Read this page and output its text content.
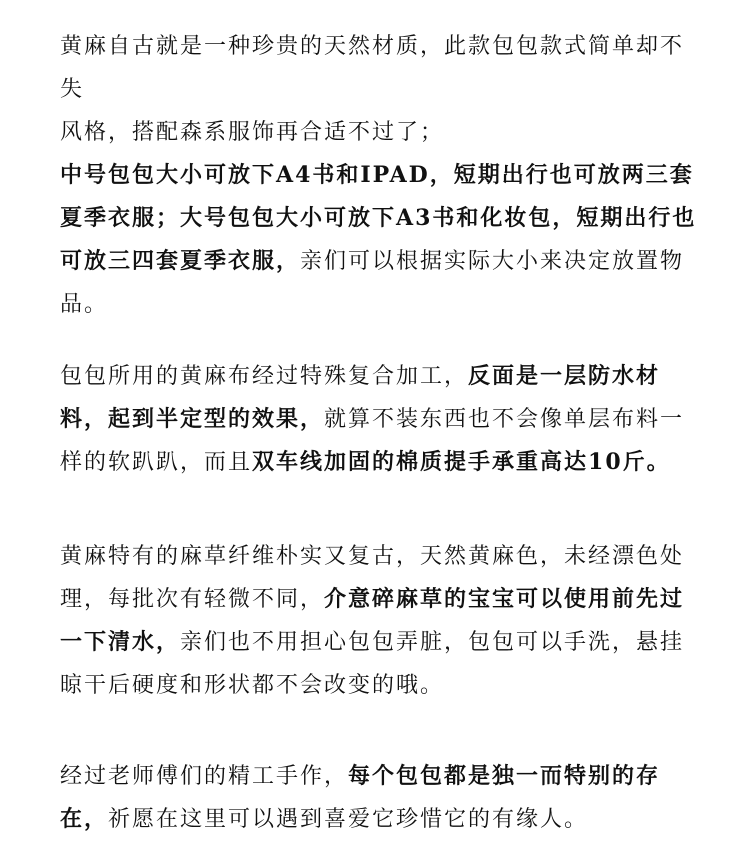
黄麻自古就是一种珍贵的天然材质，此款包包款式简单却不失
风格，搭配森系服饰再合适不过了；
中号包包大小可放下A4书和IPAD，短期出行也可放两三套
夏季衣服；大号包包大小可放下A3书和化妆包，短期出行也
可放三四套夏季衣服，亲们可以根据实际大小来决定放置物
品。
包包所用的黄麻布经过特殊复合加工，反面是一层防水材
料，起到半定型的效果，就算不装东西也不会像单层布料一
样的软趴趴，而且双车线加固的棉质提手承重高达10斤。
黄麻特有的麻草纤维朴实又复古，天然黄麻色，未经漂色处
理，每批次有轻微不同，介意碎麻草的宝宝可以使用前先过
一下清水，亲们也不用担心包包弄脏，包包可以手洗，悬挂
晾干后硬度和形状都不会改变的哦。
经过老师傅们的精工手作，每个包包都是独一而特别的存
在，祈愿在这里可以遇到喜爱它珍惜它的有缘人。
